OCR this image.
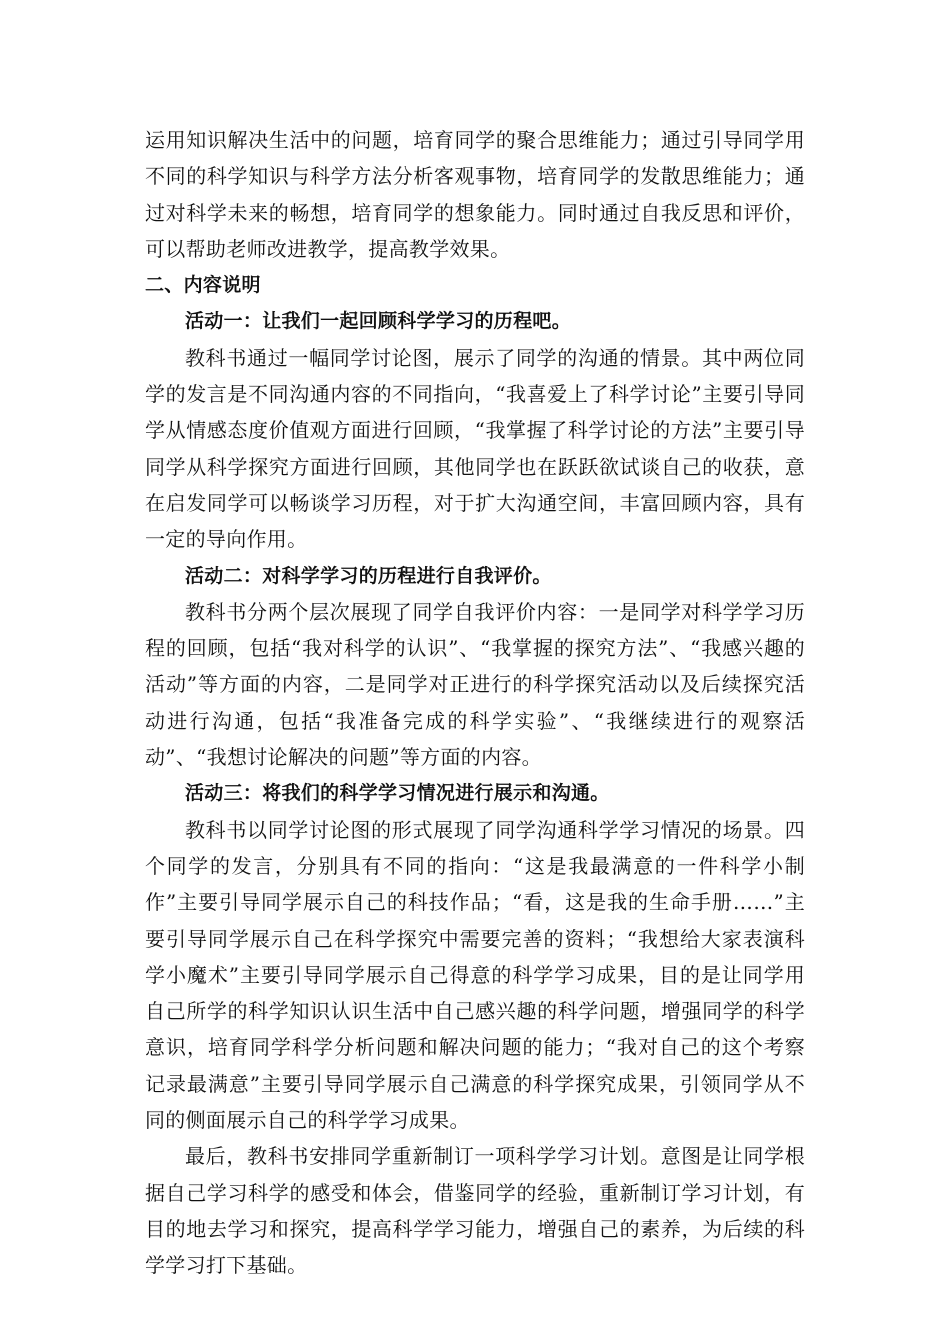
运用知识解决生活中的问题，培育同学的聚合思维能力；通过引导同学用不同的科学知识与科学方法分析客观事物，培育同学的发散思维能力；通过对科学未来的畅想，培育同学的想象能力。同时通过自我反思和评价，可以帮助老师改进教学，提高教学效果。

二、内容说明

活动一：让我们一起回顾科学学习的历程吧。

教科书通过一幅同学讨论图，展示了同学的沟通的情景。其中两位同学的发言是不同沟通内容的不同指向，“我喜爱上了科学讨论”主要引导同学从情感态度价值观方面进行回顾，“我掌握了科学讨论的方法”主要引导同学从科学探究方面进行回顾，其他同学也在跃跃欲试谈自己的收获，意在启发同学可以畅谈学习历程，对于扩大沟通空间，丰富回顾内容，具有一定的导向作用。

活动二：对科学学习的历程进行自我评价。

教科书分两个层次展现了同学自我评价内容：一是同学对科学学习历程的回顾，包括“我对科学的认识”、“我掌握的探究方法”、“我感兴趣的活动”等方面的内容，二是同学对正进行的科学探究活动以及后续探究活动进行沟通，包括“我准备完成的科学实验”、“我继续进行的观察活动”、“我想讨论解决的问题”等方面的内容。

活动三：将我们的科学学习情况进行展示和沟通。

教科书以同学讨论图的形式展现了同学沟通科学学习情况的场景。四个同学的发言，分别具有不同的指向：“这是我最满意的一件科学小制作”主要引导同学展示自己的科技作品；“看，这是我的生命手册……”主要引导同学展示自己在科学探究中需要完善的资料；“我想给大家表演科学小魔术”主要引导同学展示自己得意的科学学习成果，目的是让同学用自己所学的科学知识认识生活中自己感兴趣的科学问题，增强同学的科学意识，培育同学科学分析问题和解决问题的能力；“我对自己的这个考察记录最满意”主要引导同学展示自己满意的科学探究成果，引领同学从不同的侧面展示自己的科学学习成果。

最后，教科书安排同学重新制订一项科学学习计划。意图是让同学根据自己学习科学的感受和体会，借鉴同学的经验，重新制订学习计划，有目的地去学习和探究，提高科学学习能力，增强自己的素养，为后续的科学学习打下基础。
